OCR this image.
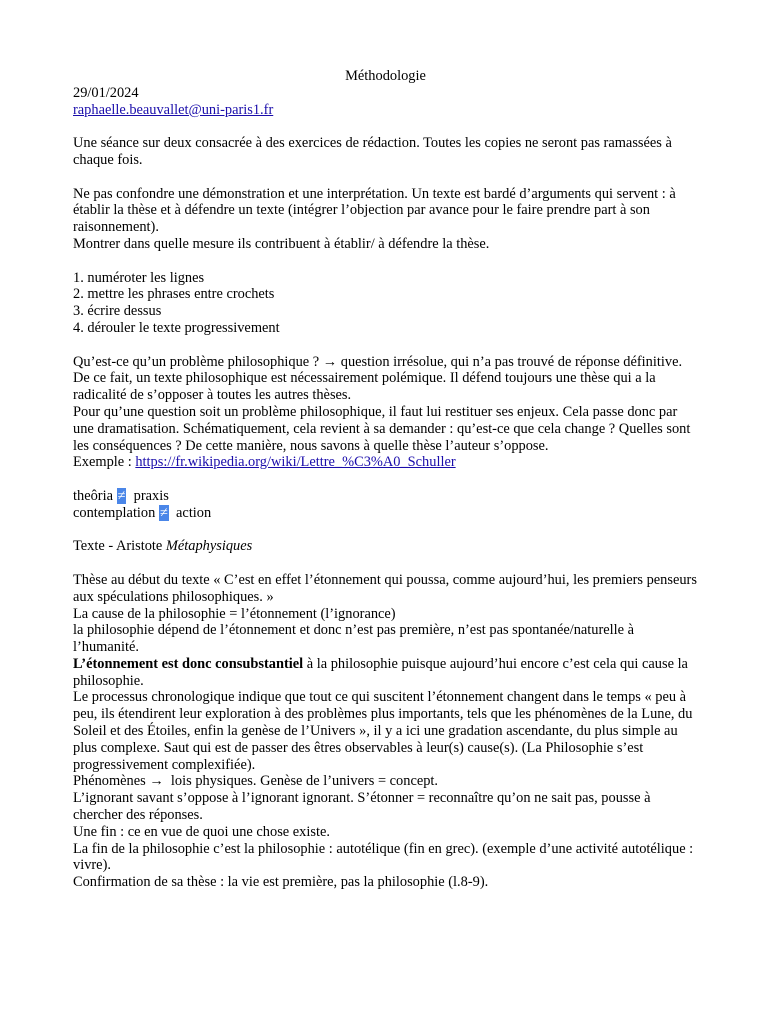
Méthodologie

29/01/2024

raphaelle.beauvallet@uni-paris1.fr

Une séance sur deux consacrée à des exercices de rédaction. Toutes les copies ne seront pas ramassées à chaque fois.

Ne pas confondre une démonstration et une interprétation. Un texte est bardé d’arguments qui servent : à établir la thèse et à défendre un texte (intégrer l’objection par avance pour le faire prendre part à son raisonnement).

Montrer dans quelle mesure ils contribuent à établir/ à défendre la thèse.

1. numéroter les lignes

2. mettre les phrases entre crochets

3. écrire dessus

4. dérouler le texte progressivement

Qu’est-ce qu’un problème philosophique ? → question irrésolue, qui n’a pas trouvé de réponse définitive. De ce fait, un texte philosophique est nécessairement polémique. Il défend toujours une thèse qui a la radicalité de s’opposer à toutes les autres thèses.

Pour qu’une question soit un problème philosophique, il faut lui restituer ses enjeux. Cela passe donc par une dramatisation. Schématiquement, cela revient à sa demander : qu’est-ce que cela change ? Quelles sont les conséquences ? De cette manière, nous savons à quelle thèse l’auteur s’oppose.

Exemple : https://fr.wikipedia.org/wiki/Lettre_%C3%A0_Schuller

theôria ≠  praxis

contemplation ≠  action

Texte - Aristote Métaphysiques

Thèse au début du texte « C’est en effet l’étonnement qui poussa, comme aujourd’hui, les premiers penseurs aux spéculations philosophiques. »

La cause de la philosophie = l’étonnement (l’ignorance)

la philosophie dépend de l’étonnement et donc n’est pas première, n’est pas spontanée/naturelle à l’humanité.

L’étonnement est donc consubstantiel à la philosophie puisque aujourd’hui encore c’est cela qui cause la philosophie.

Le processus chronologique indique que tout ce qui suscitent l’étonnement changent dans le temps « peu à peu, ils étendirent leur exploration à des problèmes plus importants, tels que les phénomènes de la Lune, du Soleil et des Étoiles, enfin la genèse de l’Univers », il y a ici une gradation ascendante, du plus simple au plus complexe. Saut qui est de passer des êtres observables à leur(s) cause(s). (La Philosophie s’est progressivement complexifiée).

Phénomènes →  lois physiques. Genèse de l’univers = concept.

L’ignorant savant s’oppose à l’ignorant ignorant. S’étonner = reconnaître qu’on ne sait pas, pousse à chercher des réponses.

Une fin : ce en vue de quoi une chose existe.

La fin de la philosophie c’est la philosophie : autotélique (fin en grec). (exemple d’une activité autotélique : vivre).

Confirmation de sa thèse : la vie est première, pas la philosophie (l.8-9).
